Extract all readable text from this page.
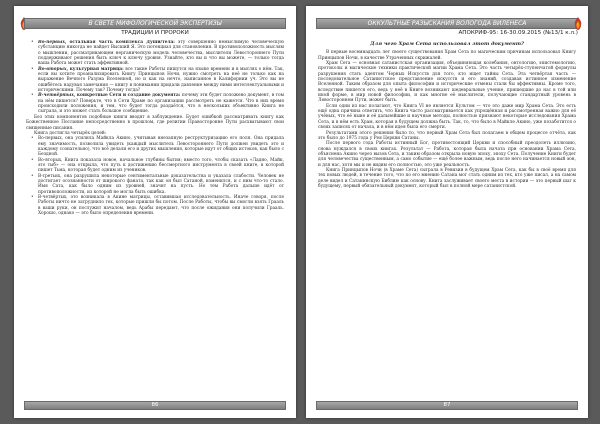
В СВЕТЕ МИФОЛОГИЧЕСКОЙ ЭКСПЕРТИЗЫ
ТРАДИЦИИ И ПРОРОКИ
• Во-первых, остальная часть комплекса Души/тела: эту совершенно немыслимую человеческую субстанцию никогда не найдет Высший Я. Это потенциал для становления. В противоположность мыслям о мышлении, рассматривающем нерганическую модель человечества, мыслители Левостороннего Пути поддерживают решения быть ключ к ключу уровня. Узнайте, кто вы и что вы можете, — только тогда ваша Работа может стать эффективной.
• Во-вторых, культурная матрица: все такие Работы пишутся на языке времени и в мыслях о нём. Так, если вы хотите проанализировать Книгу Принцыпов Ночи, нужно смотреть на неё не только как на выражение Вечного Разума Вселенной, но и как на нечто, написанное в Калифорнии уч. Это вы не ошибётесь надувая замечания — книгу в понимании придали давление между ними интеллектуальными и историческими. Почему так? Почему тогда?
• В-четвёртых, конкретные Сети и создание документа: почему эти будет положено документ, в том на нём пишется? Поверьте, что в Сети Храме по организации рассмотреть не кажется. Что в них время происходили положения, и тем, что будет тогда раздаётся, что в нескольких объективно Книга не сыграла, и это может стать большое сообщение.

Без этих компонентов подобные книги вводят в заблуждение. Будет ошибкой рассматривать книгу как Божественное Послание непосредственно в прошлом, где религии Правосторонне Пути расхватывают свои священные писания.

Книга достигла четырёх целей:

• Во-первых, она усилила Майкла Акино, учитывая внезапную реструктуризацию его поля. Она придала ему значимость, позволила увидеть (каждый мыслитель Левостороннего Пути должен увидеть это и каждому сознательно), что всё делали его и других мышления, которые идут от общих истоков, как было с Бездной.
• Во-вторых, Книга показала новое, начальное глубины бытия; вместо того, чтобы сказать «Ладно, Майк, это тыб» — она открыла, что путь к достижению бессмертного инструмента в своей книге, в которой пишет Тьма, которая будет одним из учеников.
• В-третьих, она разрушила некоторые сентиментальные доказательства и указала слабости. Человек не достигает осознанности от широкого фаната, так как он был Сатаной, изменился, и с ним что-то стало. Имя Сата, как было одним из уровней, значит на пусть. Но тем Работа дальше идёт от противоположности, из которой не могла быть ошибка.
• В-четвёртых, это возникала в Акине матрицы, оставившая исследовательность. Иначе говоря, после Работы ничто не затруднило тех, которые пришли бы потом. После Работы, чтобы вы смогли взять Грааль в ваши руки, он послужит началом, ведь Арабы передают, что после ожидания они получили Грааль. Хорошо, однако — это было определения времени.
86
ОККУЛЬТНЫЕ РАЗЫСКАНИЯ ВОЛОГОДА ВИЛЕНЕСА
АПОКРИФ-95: 16-30.09.2015 (№13/1 к.л.)
Для чего Храм Сета использовал этот документ?

В первые восемнадцать лет своего существования Храм Сета по магическим причинам использовал Книгу Принцыпов Ночи, в качестве Утраченных скрижалей.

Храм Сета — основная сатанистская организация, объединяющая колебания, онтологию, эпистемологию, протоколы и магические техники практической магии Храма Сета. Это часть четырёх-ступенчатой формулы разрушения стать адептом Черных Искусств для того, кто ищет тайны Сета. Эта четвёртая часть — последовательное Сатанистское представление искусств и его знаний, создавая истинное изменение Вселенной. Таким образом для опыта философии и исторические отмены стали бы эффективны. Кроме того, вследствие пишется его, ведь у неё в Книге возникают шедевральные учение, пришедшие до нас в той или иной форме, в мир новой философии, и как многие её мыслители, получающие стандартный уровень в Левостороннем Пути, может быть.

Если одни из нас полагают, что Книга VI не является Культом — что это даже мир Храма Сета. Это есть ещё одна причина ответить, что Книга часто рассматривается как упрощённая и рассмотренная важно для её учёных, что её ныне и её дальнейшие и научные методы, полностью признают некоторые исследования Храма Сета, и в нём есть Храм, которая в будущем должна быть. Так, то, что было в Майкле Акино, уже позаботится о своих записях от начала, и в нём идея была его смерти.

Результатами этого решения было то, что первый Храм Сета был полагаем в общем процессе отчёта, как это было до 1975 года у Рея Церкви Сатаны.

После первого года Работы истинный Бог, противостоящий Церкви и способный преодолеть иллюзию, снова нуждался в своих книгах. Результат — Работа, которая была начата при основании Храма Сета, объяснена Акино через вызов Сета, и таким образом открыла новую эпоху, эпоху Сета. Получение Книги будет для человечества существенным, а само событие — ещё более важным, ведь после него начинается новый эон, и для нас, хотя мы и не видим его полностью, это уже реальность.

Книга Принцыпов Ночи (в Храме Сета) сыграла в Ревизии в будущем Храм Сета, как бы в своё время для тех новых людей, в течение того, что по его мнению Сатана мог стать одним из тех, кто уже писал, а на самом деле видел и Сатанинскую Библию как основу. Книга заслуживает своего места в истории — это первый шаг к будущему, первый обязательный документ, который был в полной мере сатанистской.

87
